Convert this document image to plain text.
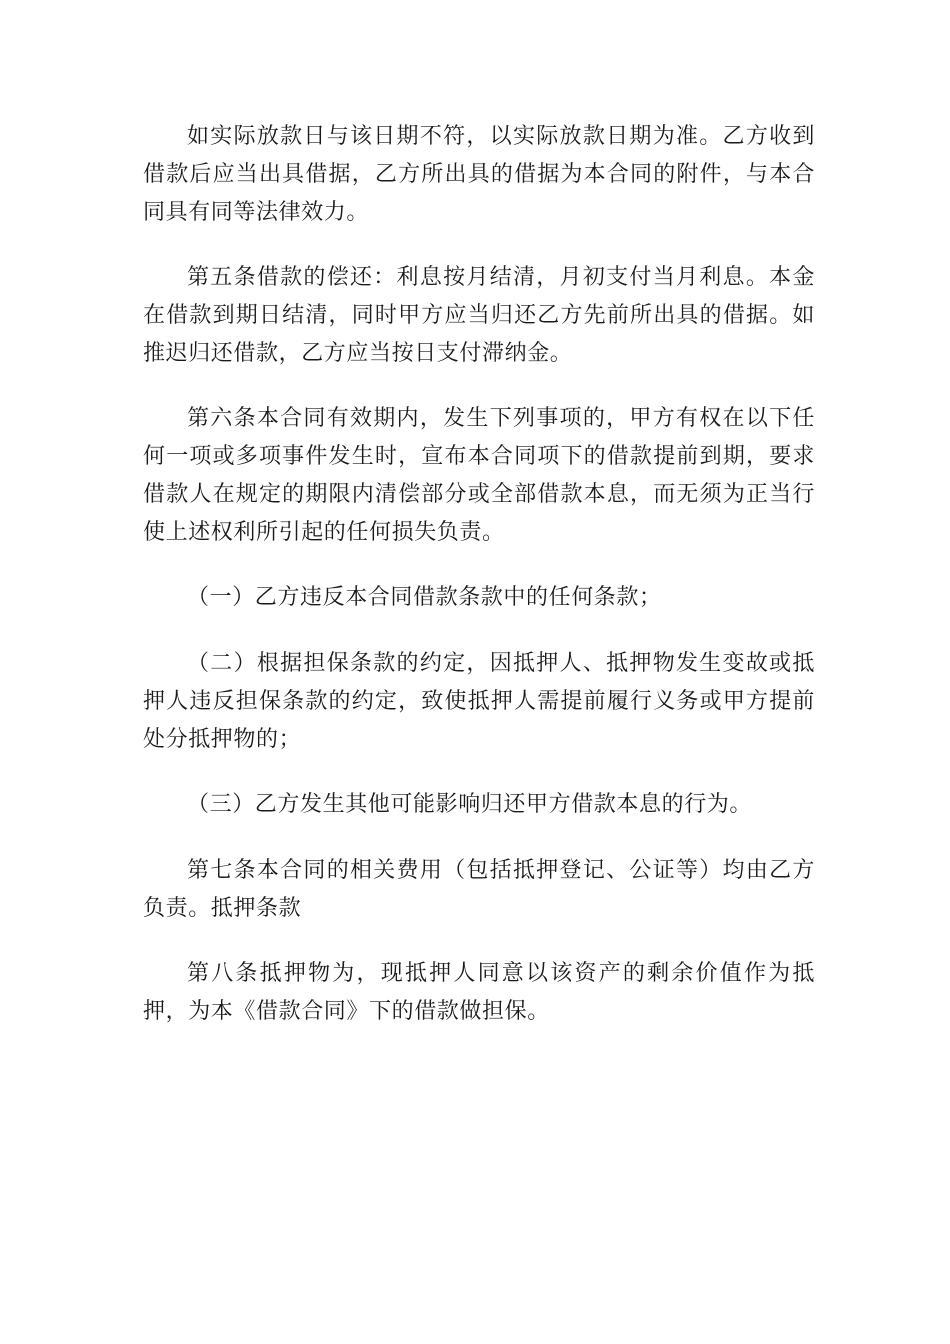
如实际放款日与该日期不符，以实际放款日期为准。乙方收到借款后应当出具借据，乙方所出具的借据为本合同的附件，与本合同具有同等法律效力。

第五条借款的偿还：利息按月结清，月初支付当月利息。本金在借款到期日结清，同时甲方应当归还乙方先前所出具的借据。如推迟归还借款，乙方应当按日支付滞纳金。

第六条本合同有效期内，发生下列事项的，甲方有权在以下任何一项或多项事件发生时，宣布本合同项下的借款提前到期，要求借款人在规定的期限内清偿部分或全部借款本息，而无须为正当行使上述权利所引起的任何损失负责。

（一）乙方违反本合同借款条款中的任何条款；

（二）根据担保条款的约定，因抵押人、抵押物发生变故或抵押人违反担保条款的约定，致使抵押人需提前履行义务或甲方提前处分抵押物的；

（三）乙方发生其他可能影响归还甲方借款本息的行为。

第七条本合同的相关费用（包括抵押登记、公证等）均由乙方负责。抵押条款

第八条抵押物为，现抵押人同意以该资产的剩余价值作为抵押，为本《借款合同》下的借款做担保。
